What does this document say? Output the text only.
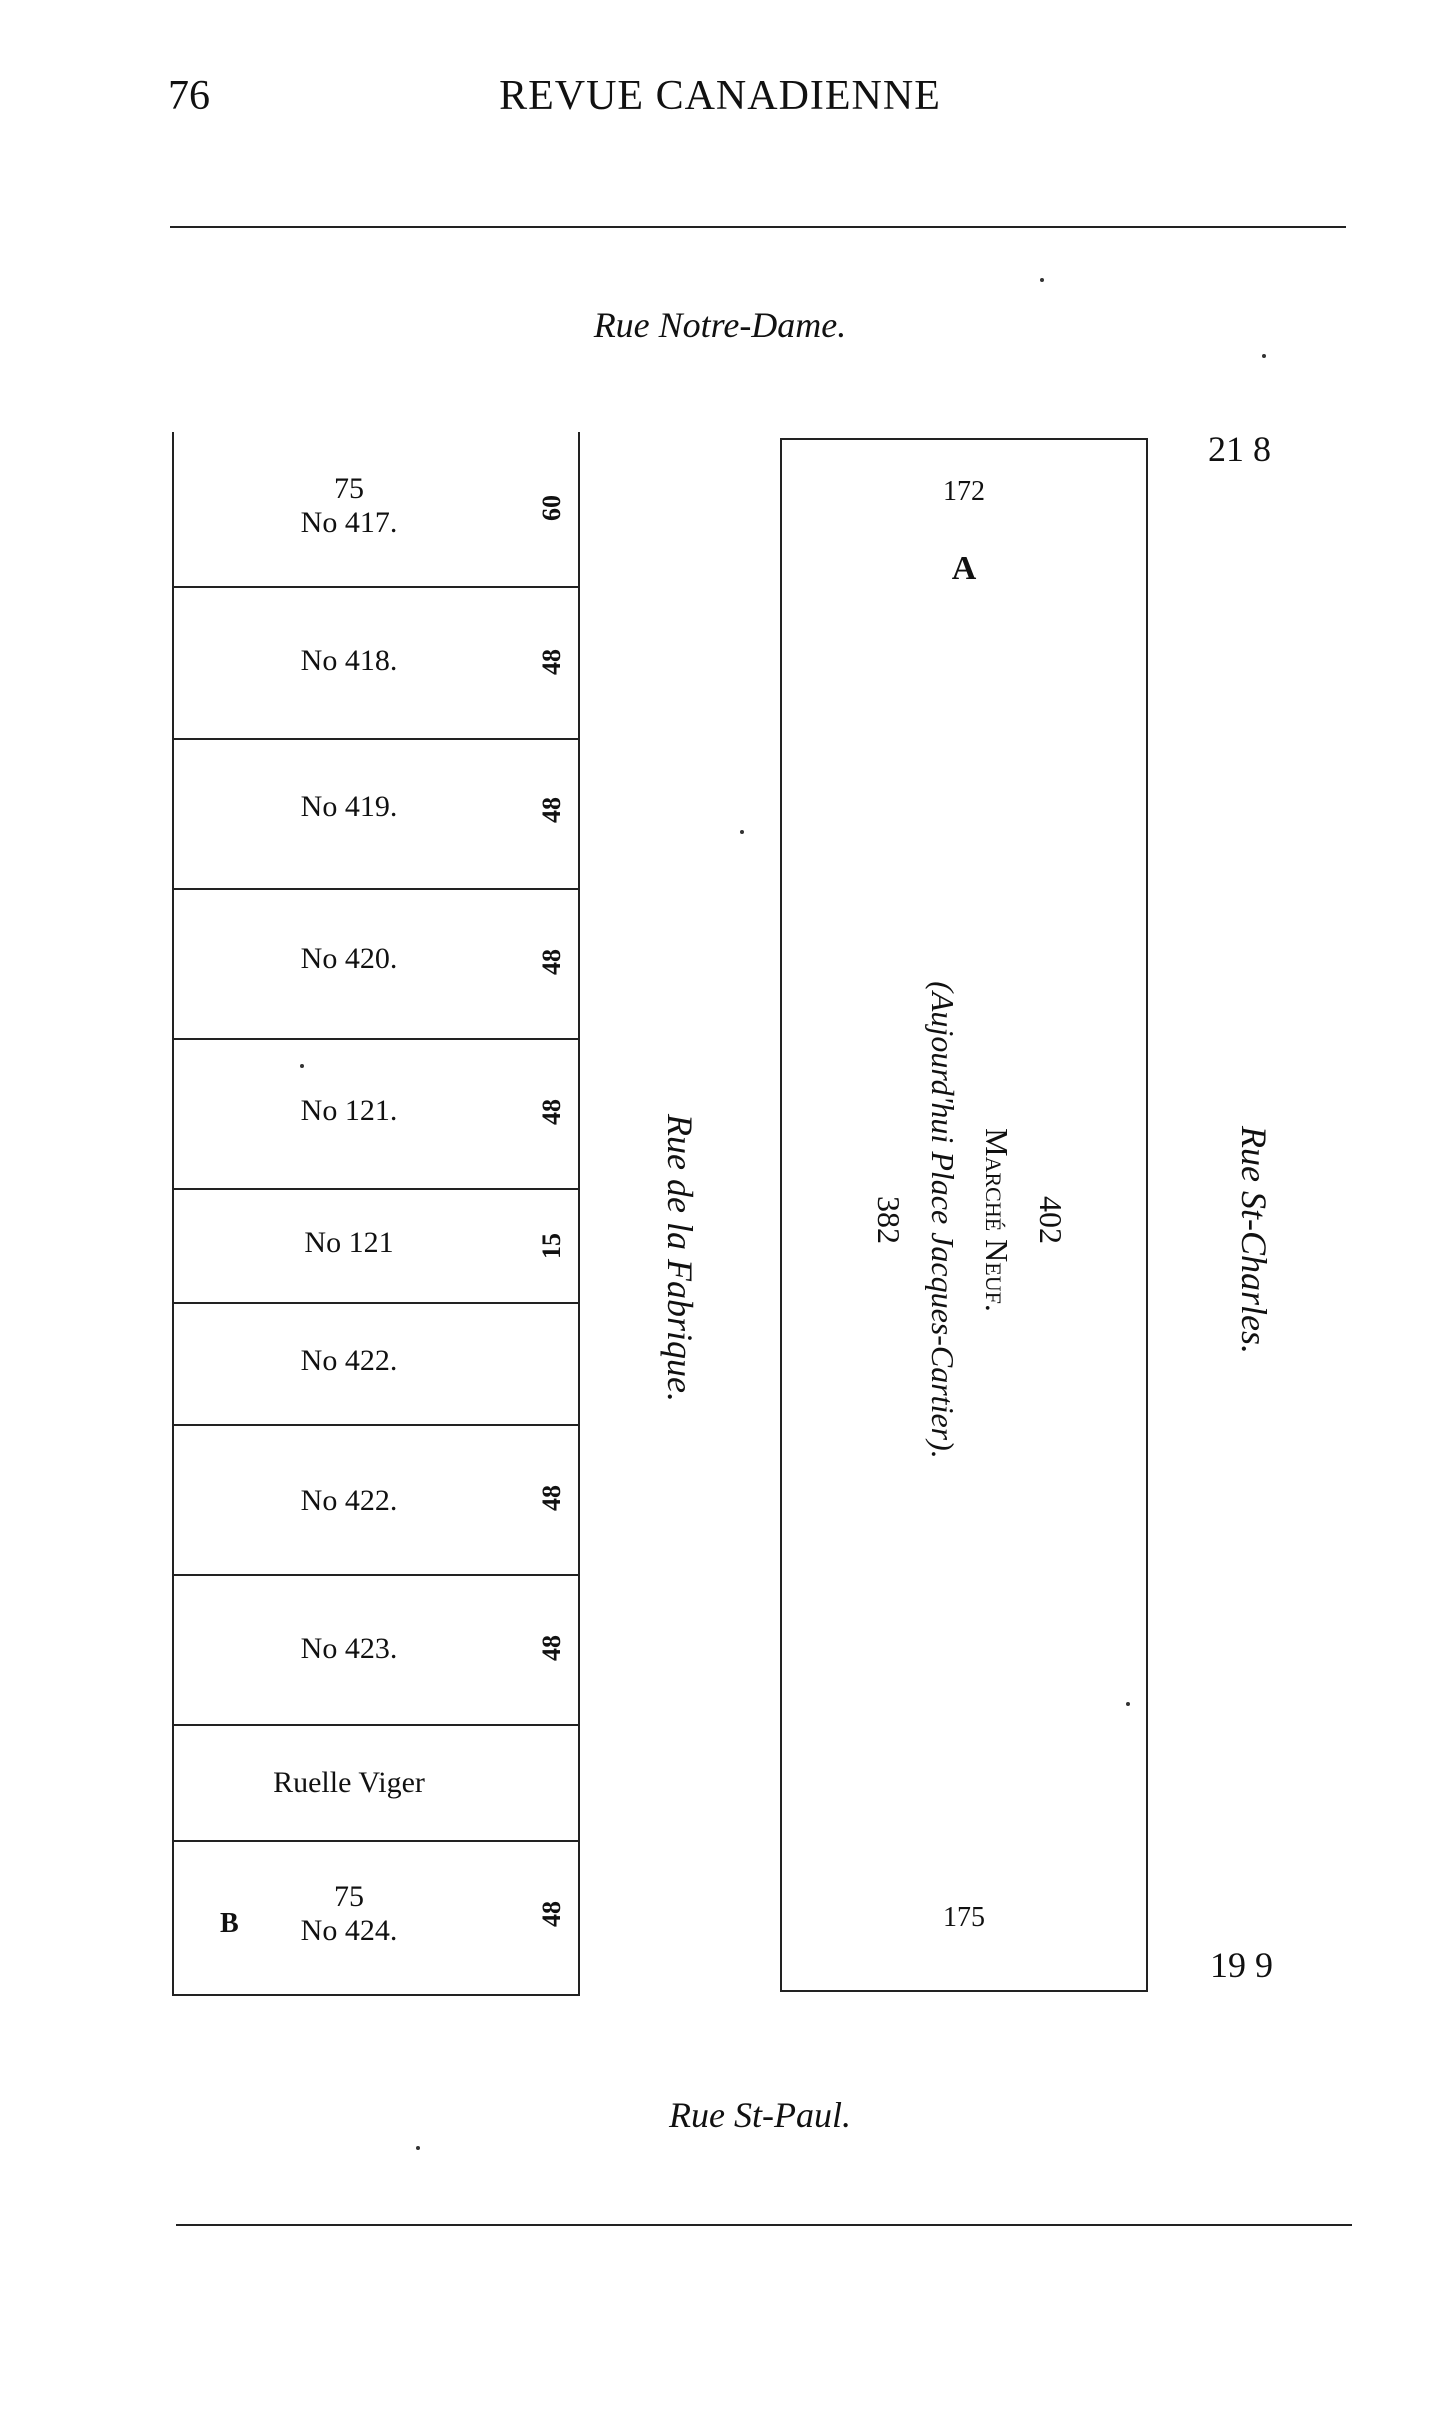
76	REVUE CANADIENNE
Rue Notre-Dame.
Rue St-Paul.
Rue de la Fabrique.	Rue St-Charles.
21 8
19 9
75
No 417.	60
No 418.	48
No 419.	48
No 420.	48
No 121.	48
No 121	15
No 422.
No 422.	48
No 423.	48
Ruelle Viger
B
75
No 424.	48
172
A
175
402
Marché Neuf.
(Aujourd'hui Place Jacques-Cartier).
382
